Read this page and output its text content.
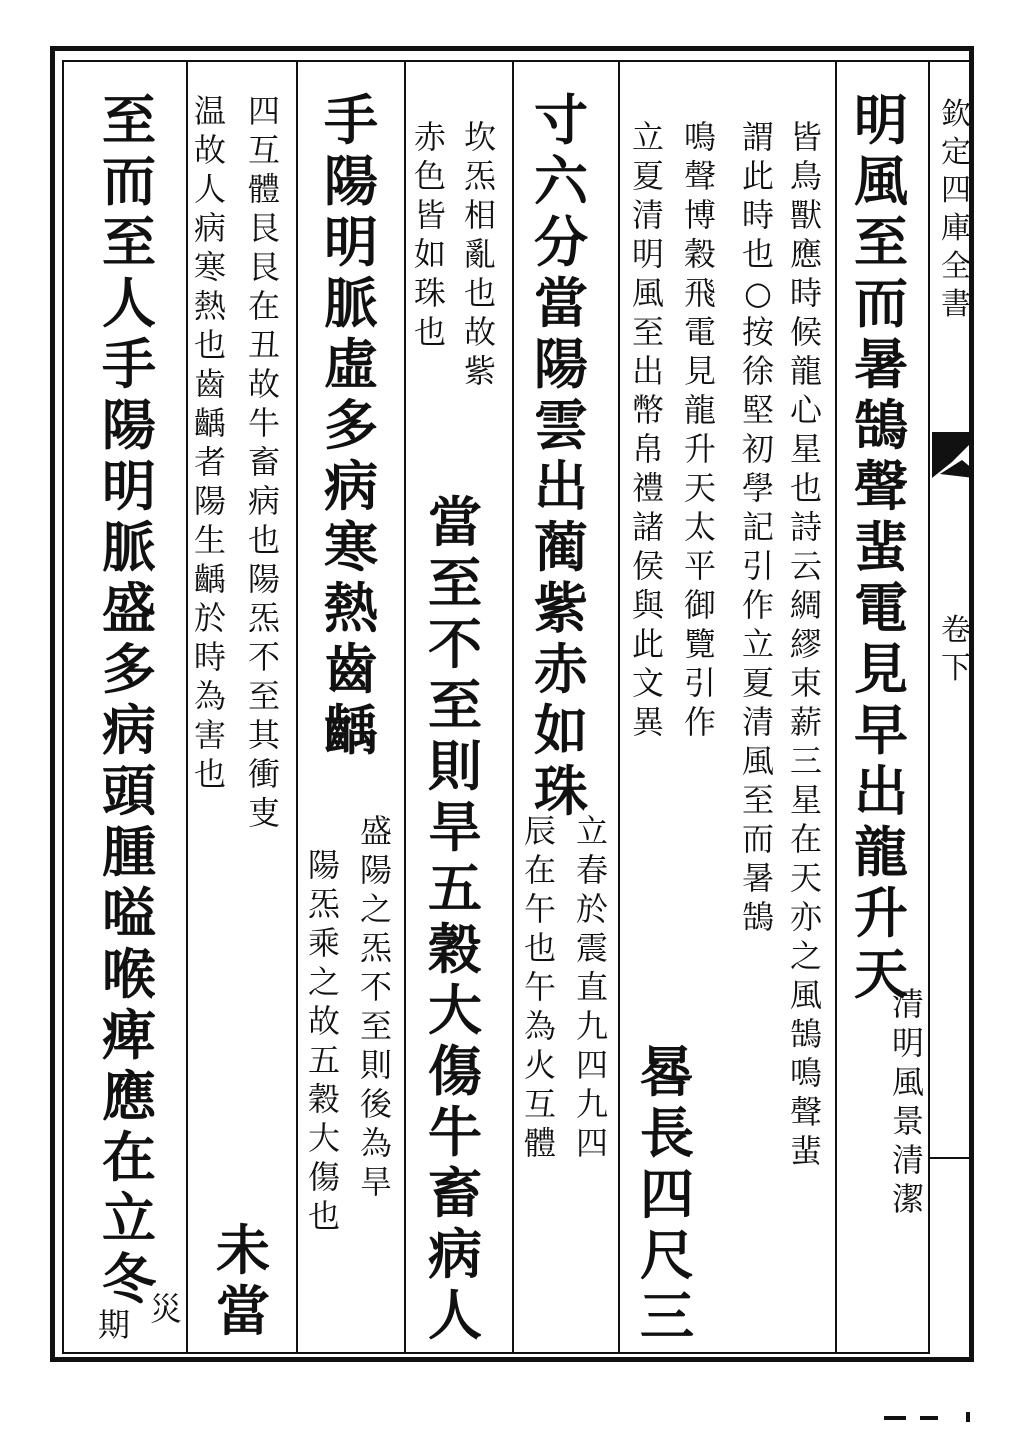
欽
定
四
庫
全
書
卷
下
明
風
至
而
暑
鵠
聲
蜚
電
見
早
出
龍
升
天
清
明
風
景
清
潔
皆
鳥
獸
應
時
候
龍
心
星
也
詩
云
綢
繆
束
薪
三
星
在
天
亦
之
風
鵠
鳴
聲
蜚
謂
此
時
也
○
按
徐
堅
初
學
記
引
作
立
夏
清
風
至
而
暑
鵠
鳴
聲
博
穀
飛
電
見
龍
升
天
太
平
御
覽
引
作
立
夏
清
明
風
至
出
幣
帛
禮
諸
侯
與
此
文
異
晷
長
四
尺
三
寸
六
分
當
陽
雲
出
蔺
紫
赤
如
珠
立
春
於
震
直
九
四
九
四
辰
在
午
也
午
為
火
互
體
坎
炁
相
亂
也
故
紫
當
至
不
至
則
旱
五
穀
大
傷
牛
畜
病
人
赤
色
皆
如
珠
也
手
陽
明
脈
虛
多
病
寒
熱
齒
齲
盛
陽
之
炁
不
至
則
後
為
旱
陽
炁
乘
之
故
五
穀
大
傷
也
四
互
體
艮
艮
在
丑
故
牛
畜
病
也
陽
炁
不
至
其
衝
叓
未
當
温
故
人
病
寒
熱
也
齒
齲
者
陽
生
齲
於
時
為
害
也
至
而
至
人
手
陽
明
脈
盛
多
病
頭
腫
嗌
喉
痺
應
在
立
冬
災
期
